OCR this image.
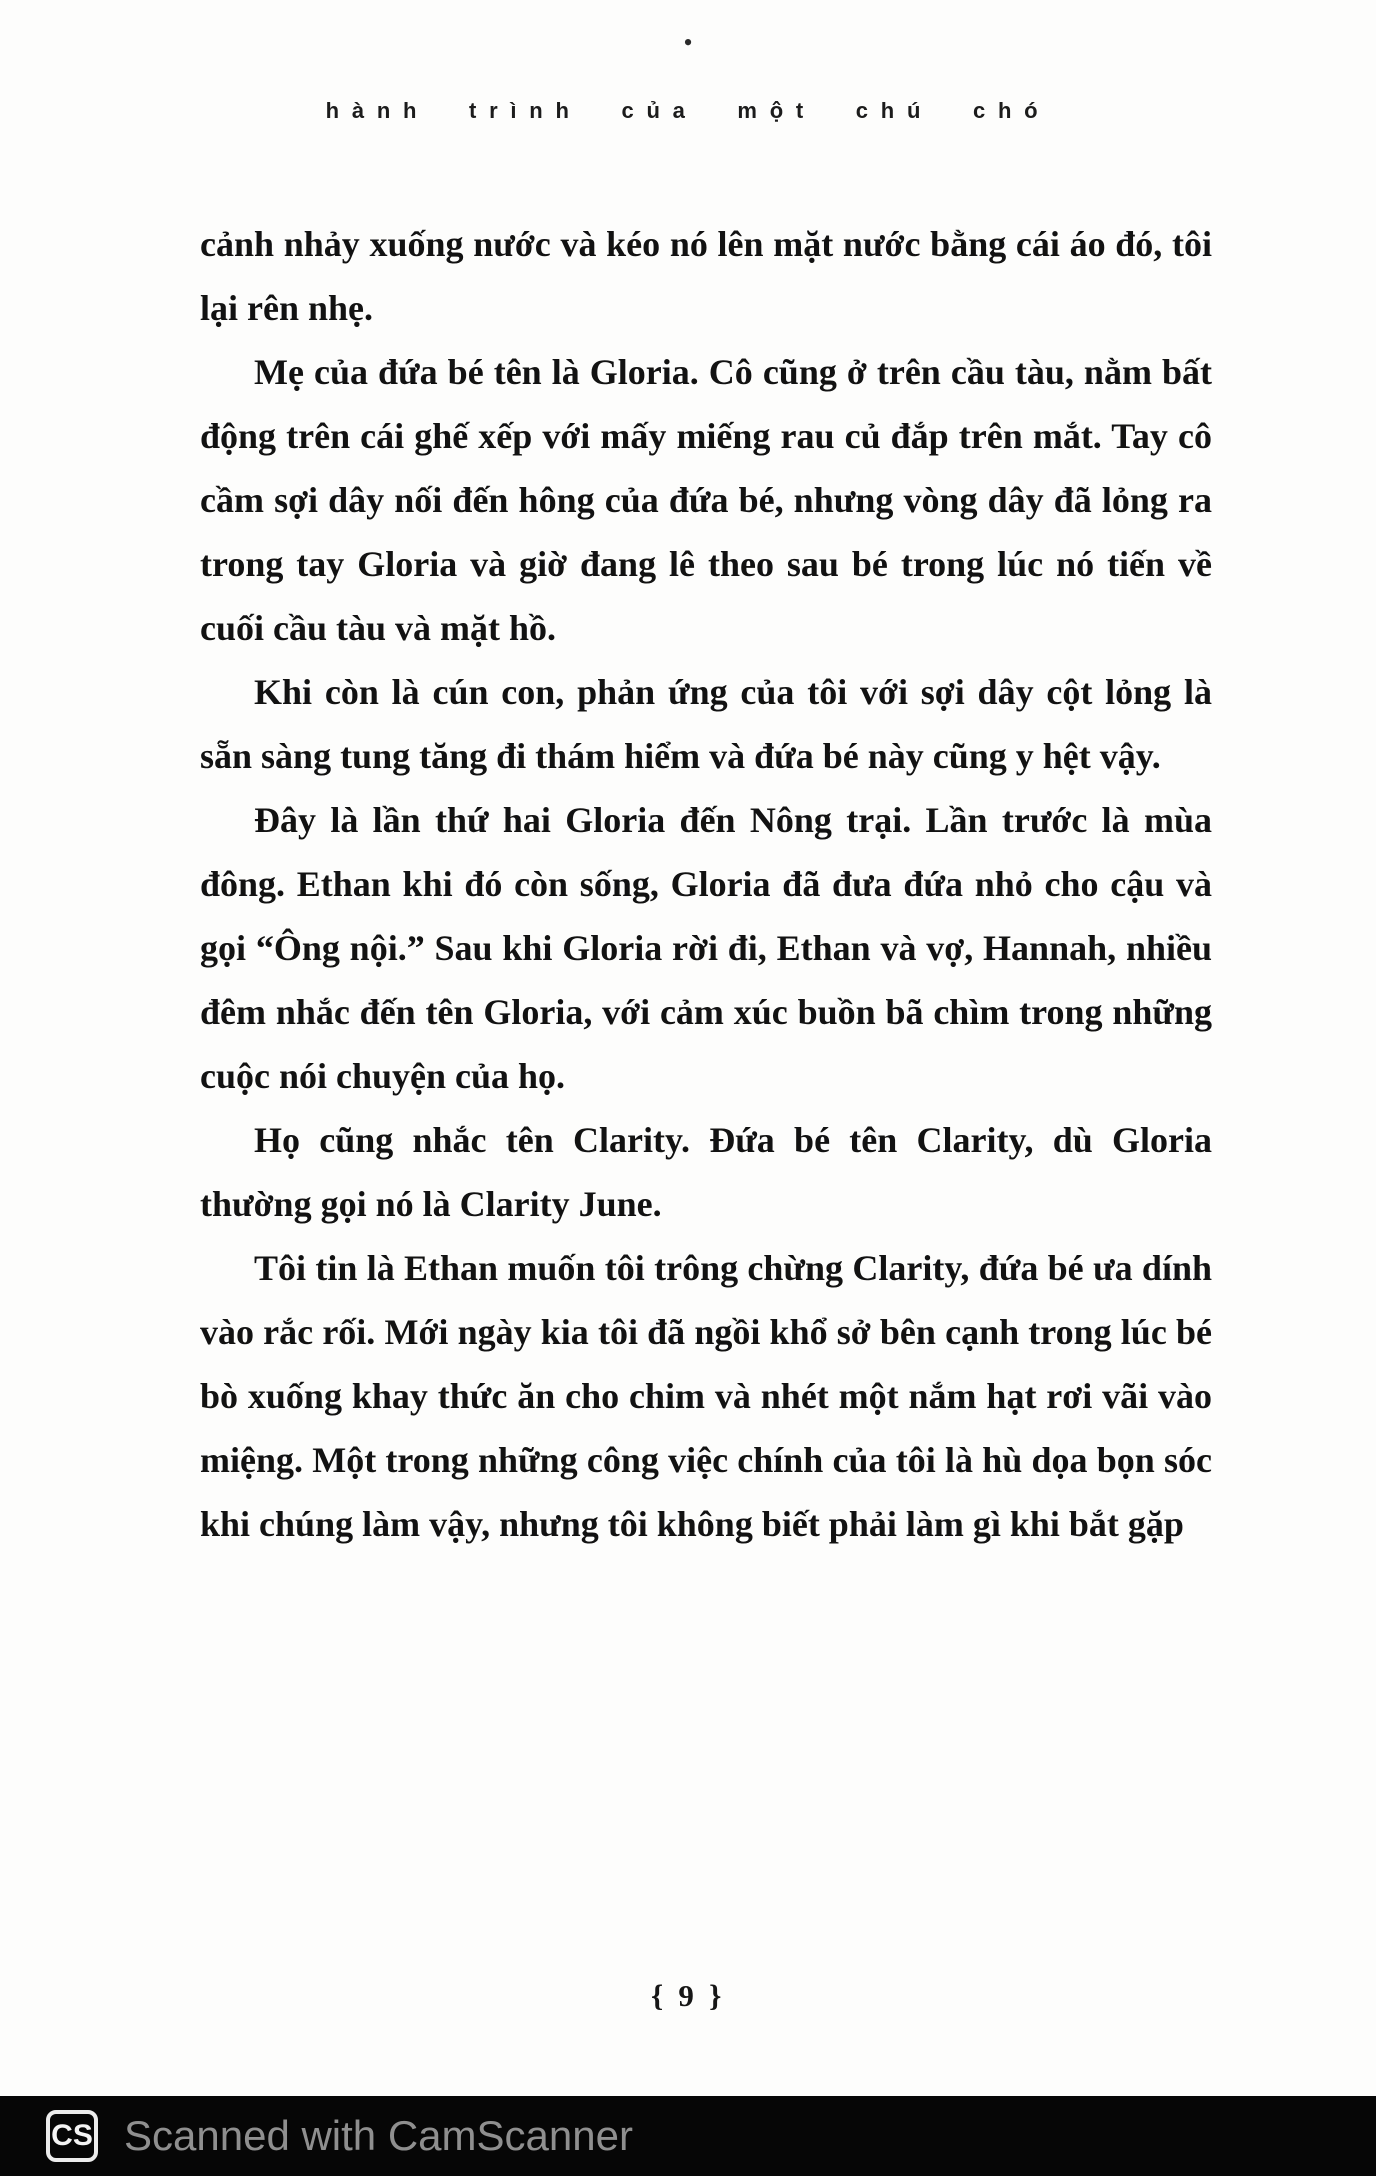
•
hành trình của một chú chó

cảnh nhảy xuống nước và kéo nó lên mặt nước bằng cái áo đó, tôi lại rên nhẹ.

Mẹ của đứa bé tên là Gloria. Cô cũng ở trên cầu tàu, nằm bất động trên cái ghế xếp với mấy miếng rau củ đắp trên mắt. Tay cô cầm sợi dây nối đến hông của đứa bé, nhưng vòng dây đã lỏng ra trong tay Gloria và giờ đang lê theo sau bé trong lúc nó tiến về cuối cầu tàu và mặt hồ.

Khi còn là cún con, phản ứng của tôi với sợi dây cột lỏng là sẵn sàng tung tăng đi thám hiểm và đứa bé này cũng y hệt vậy.

Đây là lần thứ hai Gloria đến Nông trại. Lần trước là mùa đông. Ethan khi đó còn sống, Gloria đã đưa đứa nhỏ cho cậu và gọi “Ông nội.” Sau khi Gloria rời đi, Ethan và vợ, Hannah, nhiều đêm nhắc đến tên Gloria, với cảm xúc buồn bã chìm trong những cuộc nói chuyện của họ.

Họ cũng nhắc tên Clarity. Đứa bé tên Clarity, dù Gloria thường gọi nó là Clarity June.

Tôi tin là Ethan muốn tôi trông chừng Clarity, đứa bé ưa dính vào rắc rối. Mới ngày kia tôi đã ngồi khổ sở bên cạnh trong lúc bé bò xuống khay thức ăn cho chim và nhét một nắm hạt rơi vãi vào miệng. Một trong những công việc chính của tôi là hù dọa bọn sóc khi chúng làm vậy, nhưng tôi không biết phải làm gì khi bắt gặp

{ 9 }
CS Scanned with CamScanner
